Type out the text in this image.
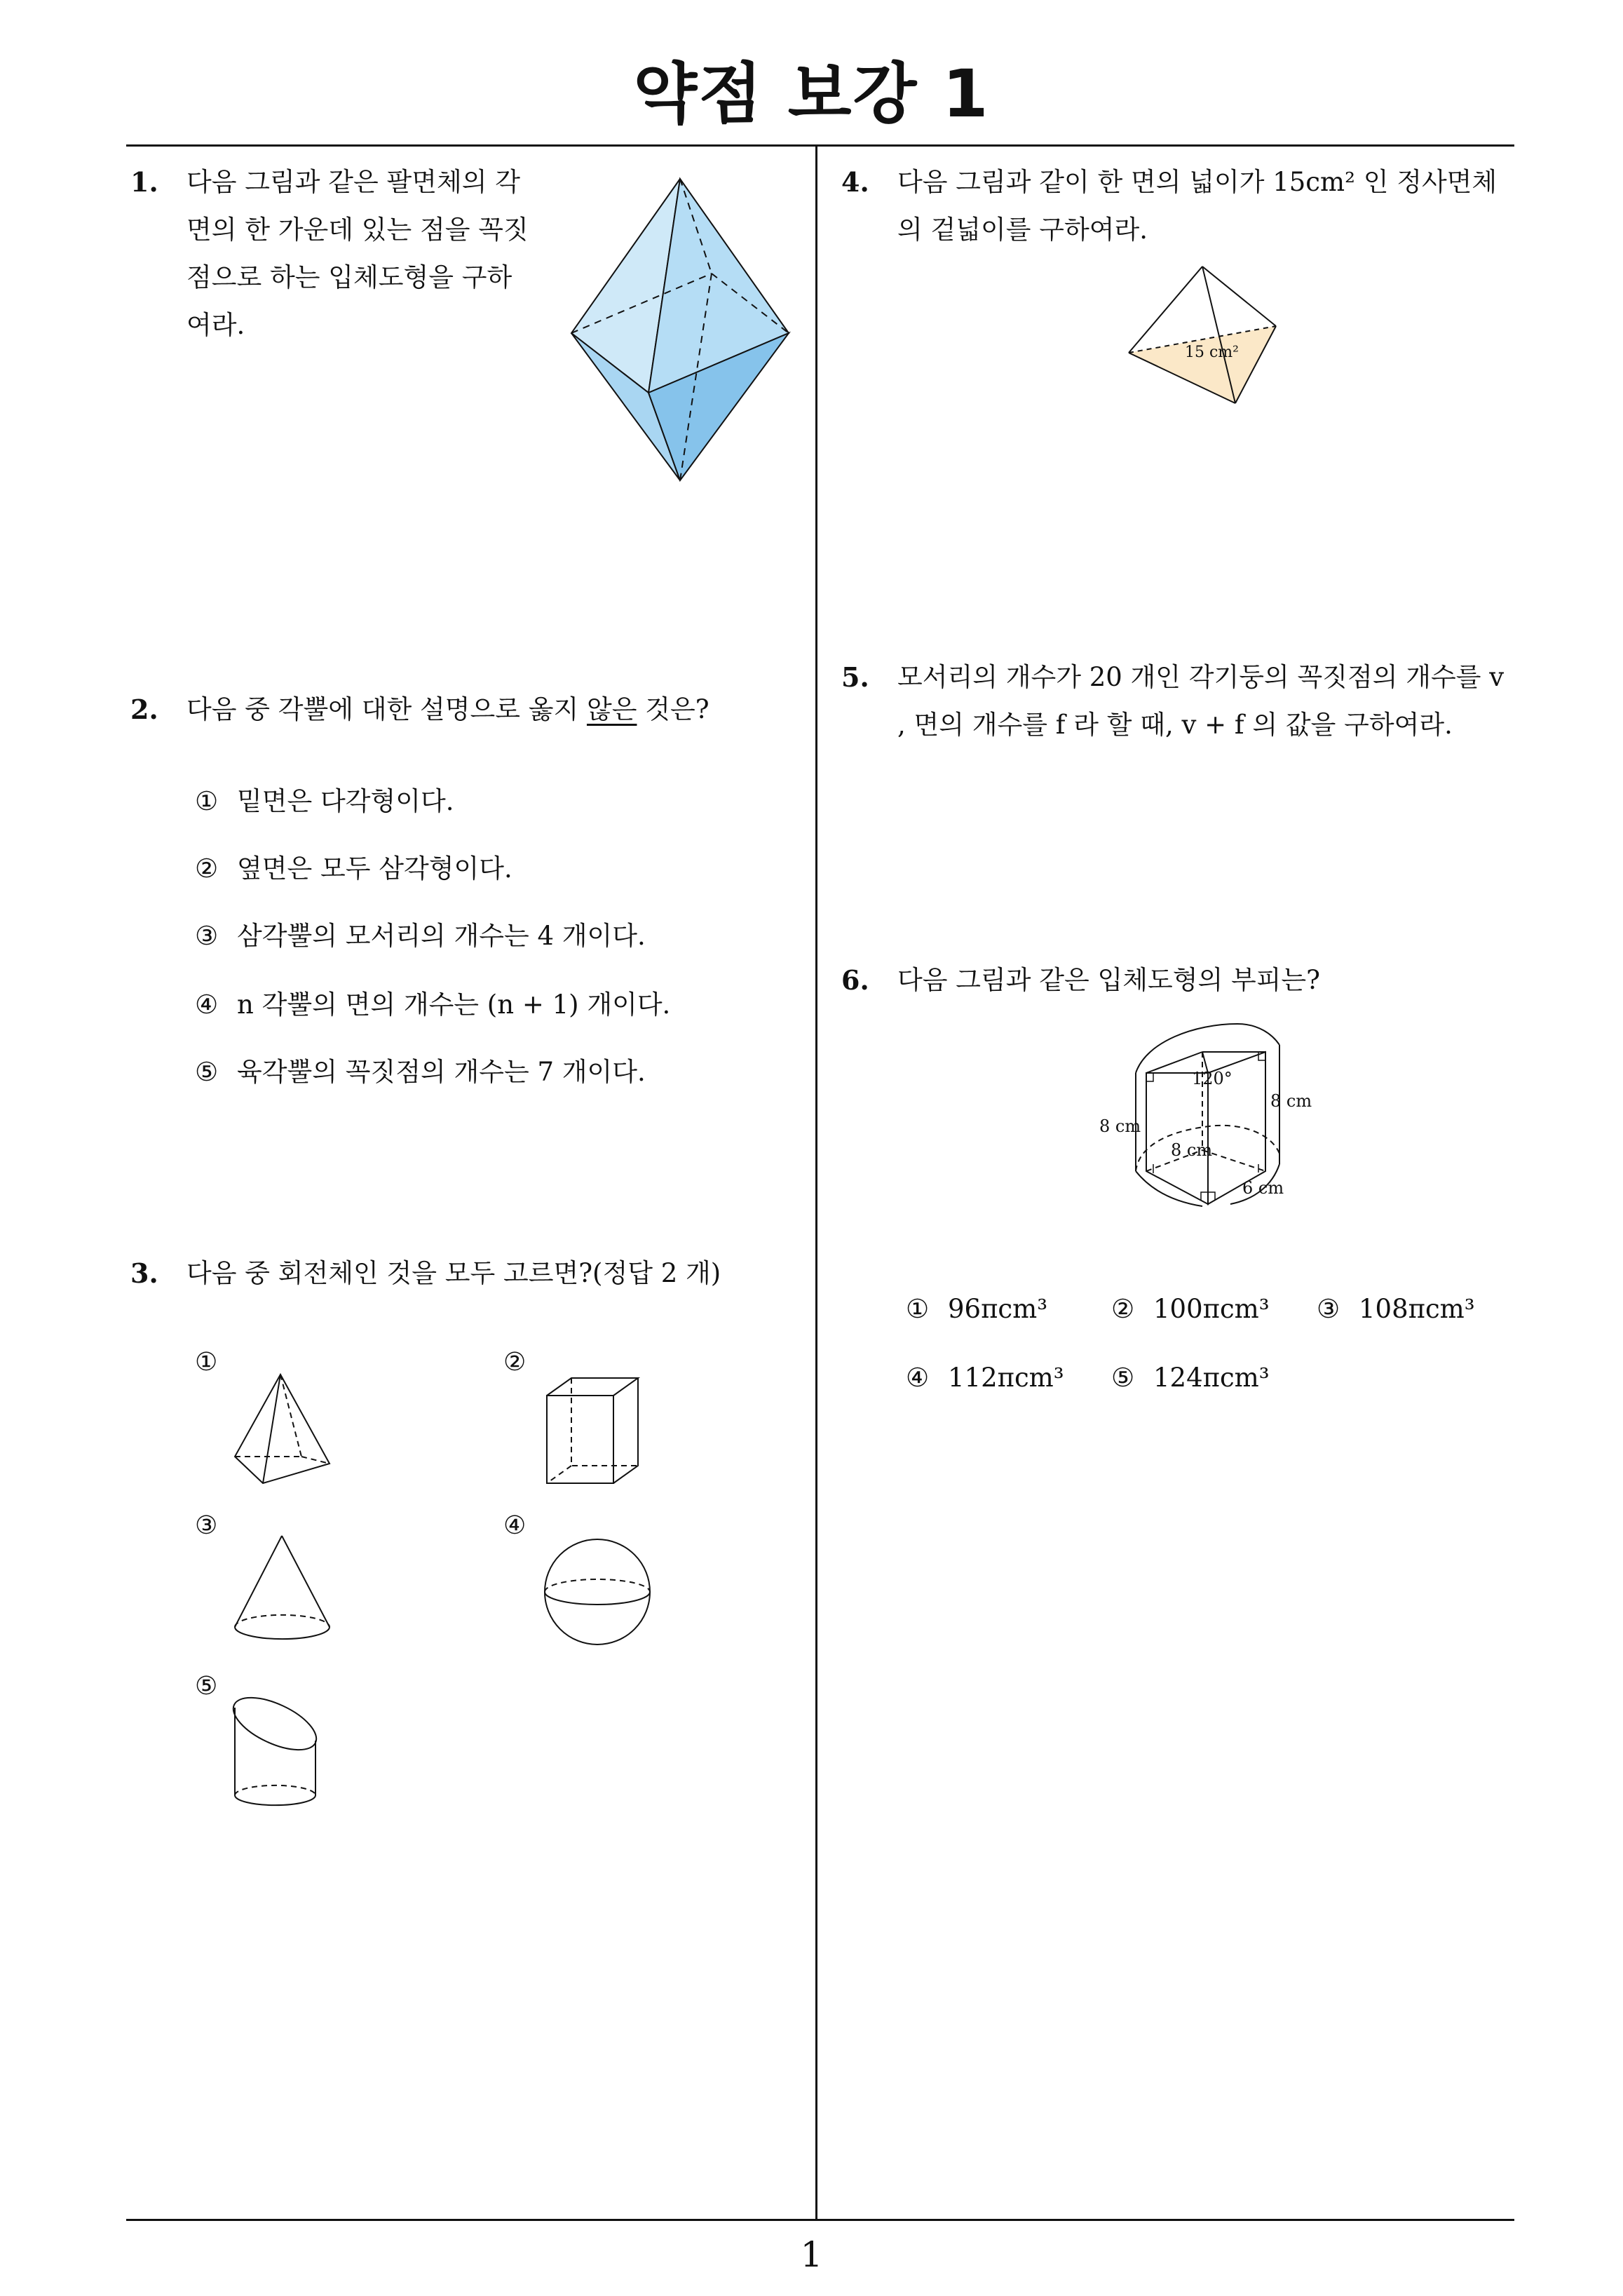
약점 보강 1
1
1. 다음 그림과 같은 팔면체의 각
면의 한 가운데 있는 점을 꼭짓
점으로 하는 입체도형을 구하
여라.
2. 다음 중 각뿔에 대한 설명으로 옳지 않은 것은?
① 밑면은 다각형이다.
② 옆면은 모두 삼각형이다.
③ 삼각뿔의 모서리의 개수는 4 개이다.
④ n 각뿔의 면의 개수는 (n + 1) 개이다.
⑤ 육각뿔의 꼭짓점의 개수는 7 개이다.
3. 다음 중 회전체인 것을 모두 고르면?(정답 2 개)
①	②
③	④
⑤
4. 다음 그림과 같이 한 면의 넓이가 15cm² 인 정사면체
의 겉넓이를 구하여라.
15 cm²
5. 모서리의 개수가 20 개인 각기둥의 꼭짓점의 개수를 v
, 면의 개수를 f 라 할 때, v + f 의 값을 구하여라.
6. 다음 그림과 같은 입체도형의 부피는?
120°
8 cm
8 cm
8 cm
6 cm
① 96πcm³ ② 100πcm³ ③ 108πcm³
④ 112πcm³ ⑤ 124πcm³
